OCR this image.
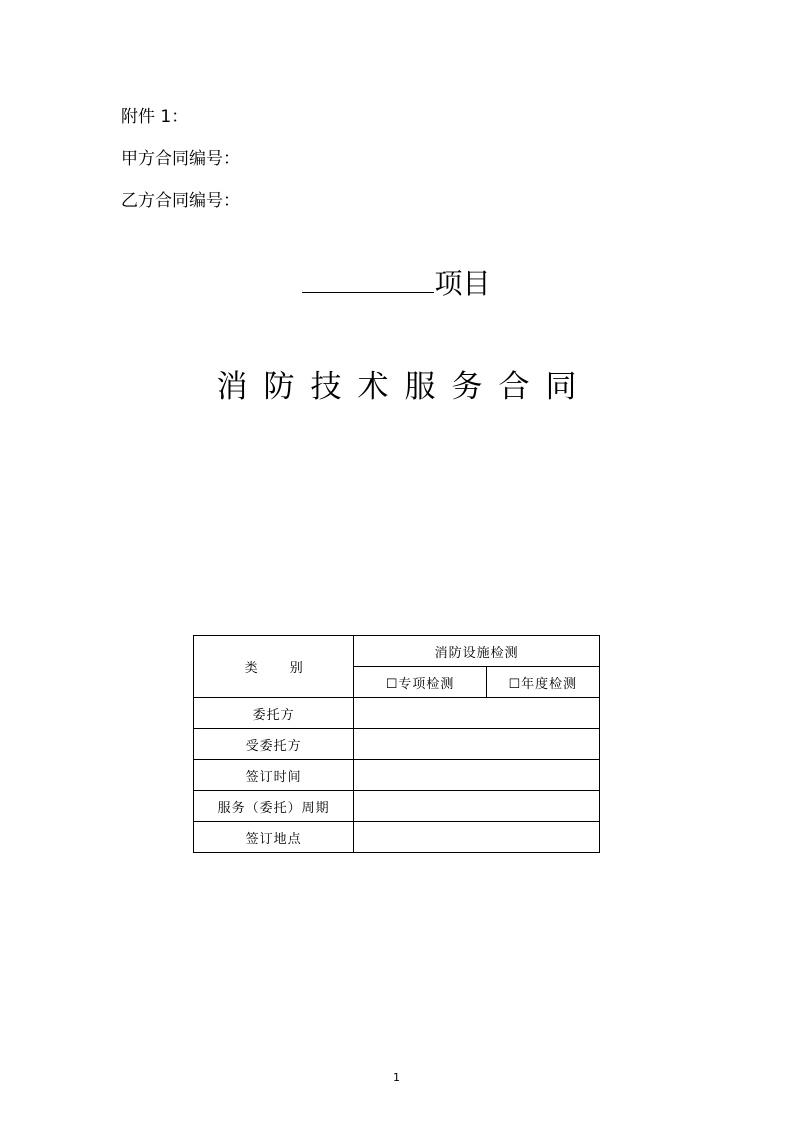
附件 1：
甲方合同编号：
乙方合同编号：
项目
消防技术服务合同
类 别	消防设施检测	
	☐专项检测	☐年度检测
委托方		
受委托方		
签订时间		
服务（委托）周期		
签订地点		
1
